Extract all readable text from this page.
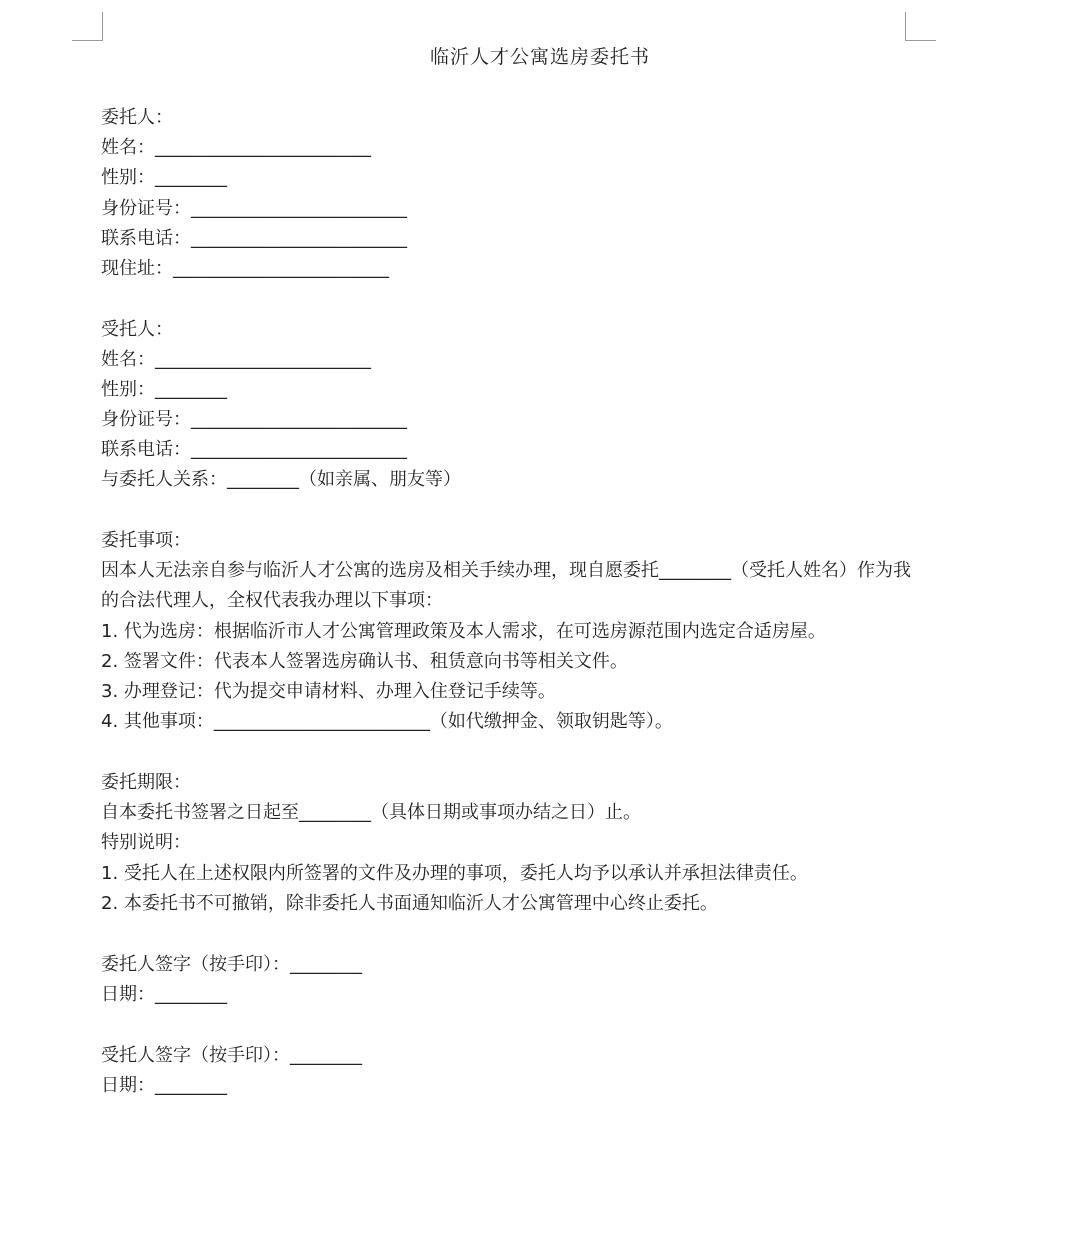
临沂人才公寓选房委托书
委托人：
姓名：________________________
性别：________
身份证号：________________________
联系电话：________________________
现住址：________________________
受托人：
姓名：________________________
性别：________
身份证号：________________________
联系电话：________________________
与委托人关系：________（如亲属、朋友等）
委托事项：
因本人无法亲自参与临沂人才公寓的选房及相关手续办理，现自愿委托________（受托人姓名）作为我的合法代理人，全权代表我办理以下事项：
1. 代为选房：根据临沂市人才公寓管理政策及本人需求，在可选房源范围内选定合适房屋。
2. 签署文件：代表本人签署选房确认书、租赁意向书等相关文件。
3. 办理登记：代为提交申请材料、办理入住登记手续等。
4. 其他事项：________________________（如代缴押金、领取钥匙等）。
委托期限：
自本委托书签署之日起至________（具体日期或事项办结之日）止。
特别说明：
1. 受托人在上述权限内所签署的文件及办理的事项，委托人均予以承认并承担法律责任。
2. 本委托书不可撤销，除非委托人书面通知临沂人才公寓管理中心终止委托。
委托人签字（按手印）：________
日期：________
受托人签字（按手印）：________
日期：________
